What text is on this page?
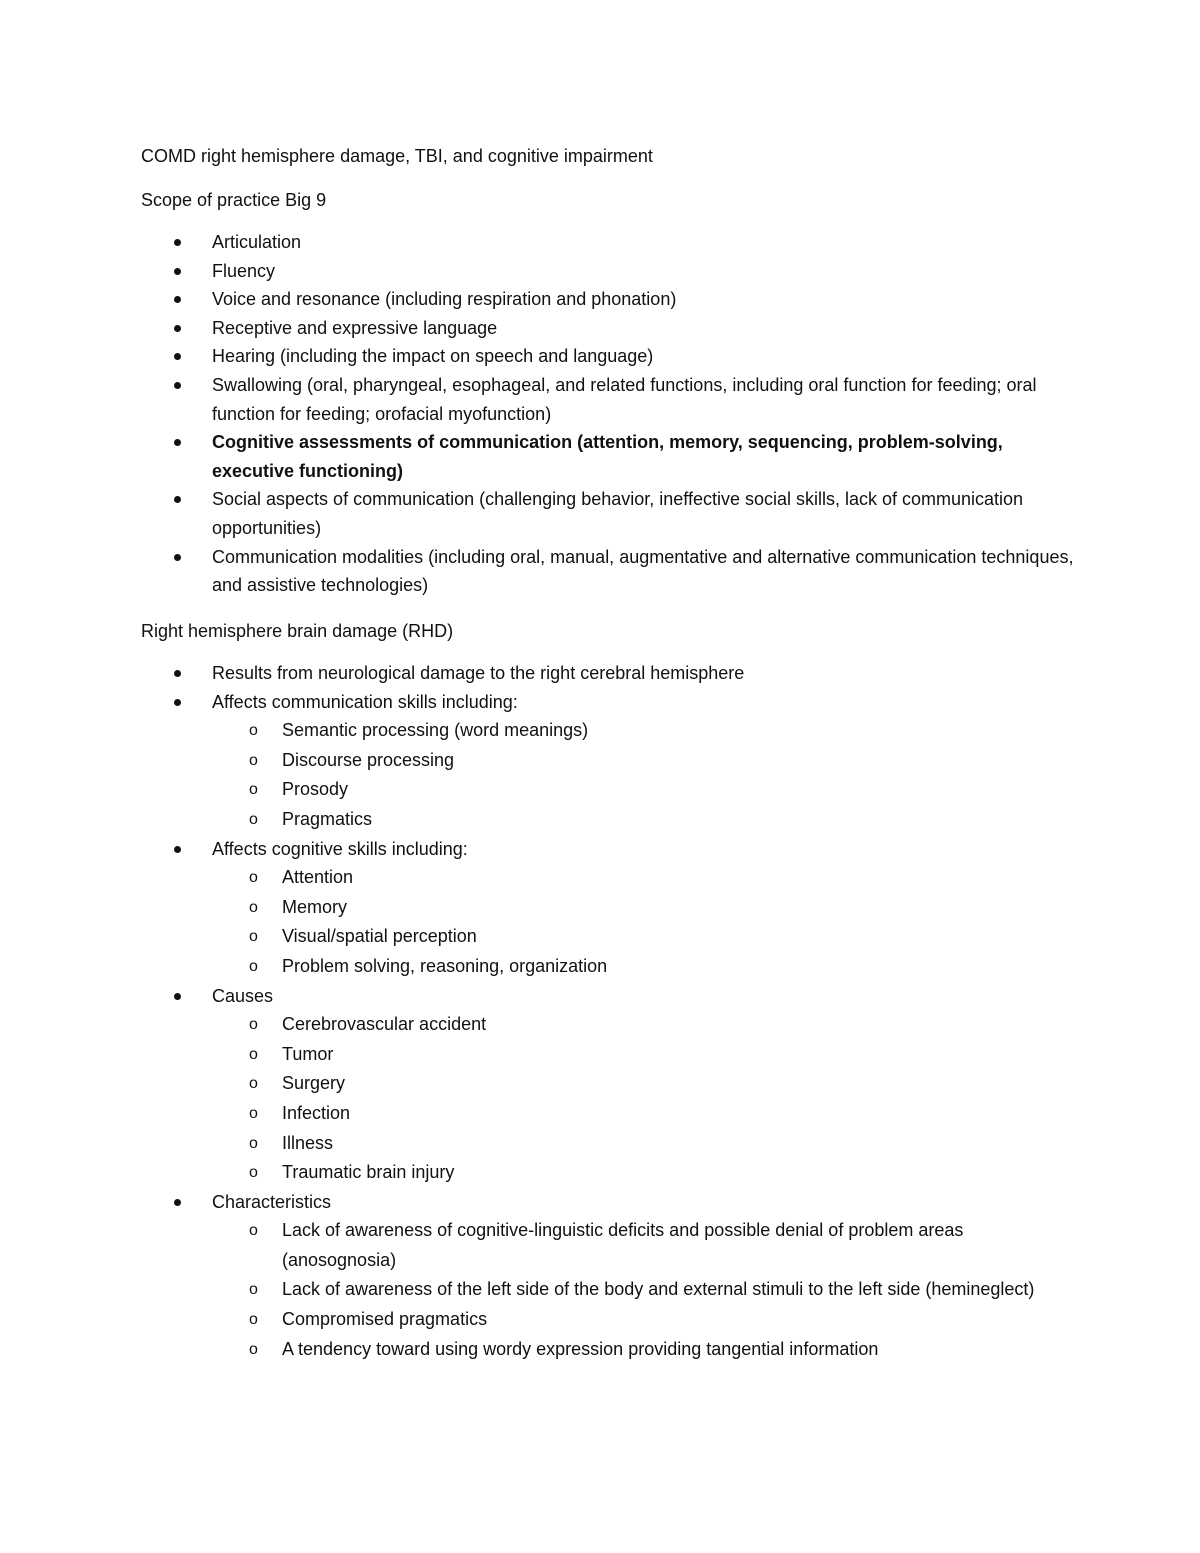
COMD right hemisphere damage, TBI, and cognitive impairment

Scope of practice Big 9

Articulation
Fluency
Voice and resonance (including respiration and phonation)
Receptive and expressive language
Hearing (including the impact on speech and language)
Swallowing (oral, pharyngeal, esophageal, and related functions, including oral function for feeding; oral function for feeding; orofacial myofunction)
Cognitive assessments of communication (attention, memory, sequencing, problem-solving, executive functioning)
Social aspects of communication (challenging behavior, ineffective social skills, lack of communication opportunities)
Communication modalities (including oral, manual, augmentative and alternative communication techniques, and assistive technologies)

Right hemisphere brain damage (RHD)

Results from neurological damage to the right cerebral hemisphere
Affects communication skills including:
o Semantic processing (word meanings)
o Discourse processing
o Prosody
o Pragmatics
Affects cognitive skills including:
o Attention
o Memory
o Visual/spatial perception
o Problem solving, reasoning, organization
Causes
o Cerebrovascular accident
o Tumor
o Surgery
o Infection
o Illness
o Traumatic brain injury
Characteristics
o Lack of awareness of cognitive-linguistic deficits and possible denial of problem areas (anosognosia)
o Lack of awareness of the left side of the body and external stimuli to the left side (hemineglect)
o Compromised pragmatics
o A tendency toward using wordy expression providing tangential information
